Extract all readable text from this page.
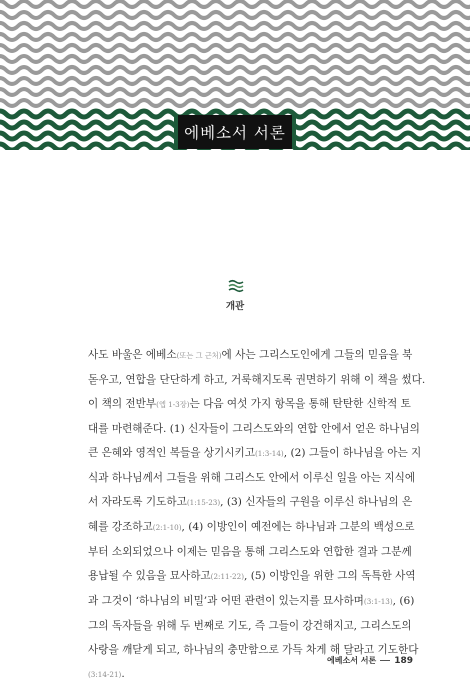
에베소서 서론
개관
사도 바울은 에베소(또는 그 근처)에 사는 그리스도인에게 그들의 믿음을 북
돋우고, 연합을 단단하게 하고, 거룩해지도록 권면하기 위해 이 책을 썼다.
이 책의 전반부(엡 1-3장)는 다음 여섯 가지 항목을 통해 탄탄한 신학적 토
대를 마련해준다. (1) 신자들이 그리스도와의 연합 안에서 얻은 하나님의
큰 은혜와 영적인 복들을 상기시키고(1:3-14), (2) 그들이 하나님을 아는 지
식과 하나님께서 그들을 위해 그리스도 안에서 이루신 일을 아는 지식에
서 자라도록 기도하고(1:15-23), (3) 신자들의 구원을 이루신 하나님의 은
혜를 강조하고(2:1-10), (4) 이방인이 예전에는 하나님과 그분의 백성으로
부터 소외되었으나 이제는 믿음을 통해 그리스도와 연합한 결과 그분께
용납될 수 있음을 묘사하고(2:11-22), (5) 이방인을 위한 그의 독특한 사역
과 그것이 ‘하나님의 비밀’과 어떤 관련이 있는지를 묘사하며(3:1-13), (6)
그의 독자들을 위해 두 번째로 기도, 즉 그들이 강건해지고, 그리스도의
사랑을 깨닫게 되고, 하나님의 충만함으로 가득 차게 해 달라고 기도한다
(3:14-21).
에베소서 서론 189
